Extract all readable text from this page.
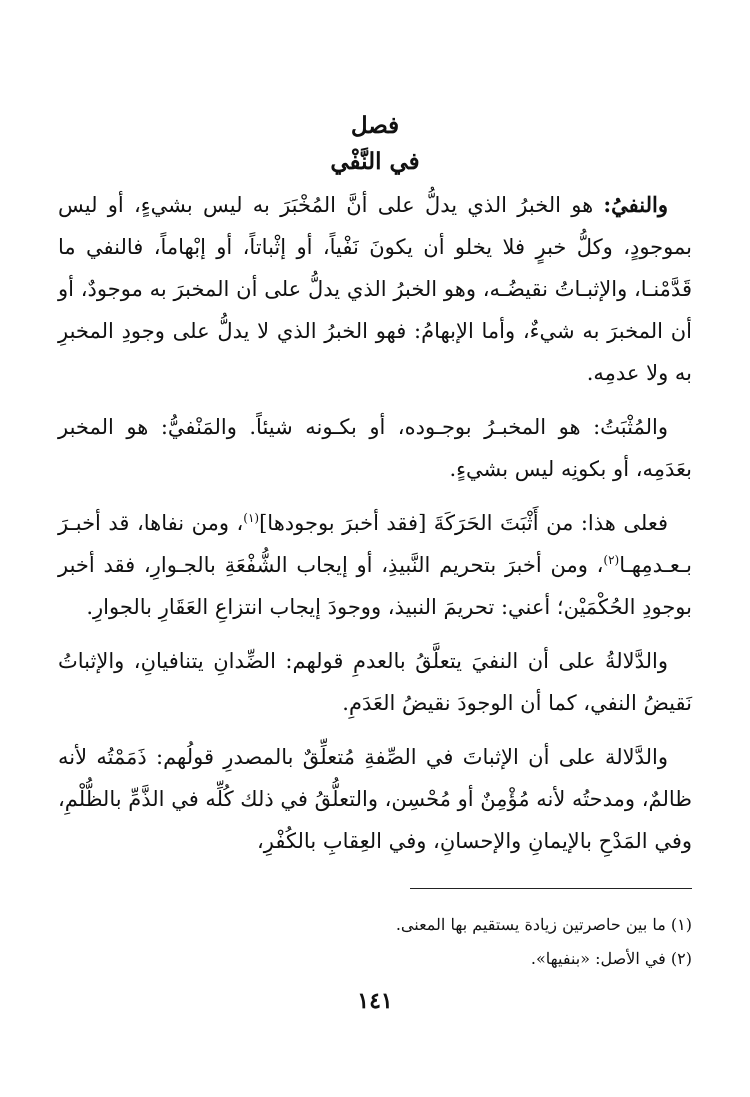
فصل

في النَّفْي

والنفيُ: هو الخبرُ الذي يدلُّ على أنَّ المُخْبَرَ به ليس بشيءٍ، أو ليس بموجودٍ، وكلُّ خبرٍ فلا يخلو أن يكونَ نَفْياً، أو إثْباتاً، أو إبْهاماً، فالنفي ما قَدَّمْنـا، والإثبـاتُ نقيضُـه، وهو الخبرُ الذي يدلُّ على أن المخبرَ به موجودٌ، أو أن المخبرَ به شيءٌ، وأما الإبهامُ: فهو الخبرُ الذي لا يدلُّ على وجودِ المخبرِ به ولا عدمِه.

والمُثْبَتُ: هو المخبـرُ بوجـوده، أو بكـونه شيئاً. والمَنْفيُّ: هو المخبر بعَدَمِه، أو بكونِه ليس بشيءٍ.

فعلى هذا: من أَثْبَتَ الحَرَكَةَ [فقد أخبرَ بوجودها]$^{(١)}$، ومن نفاها، قد أخبـرَ بـعـدمِهـا$^{(٢)}$، ومن أخبرَ بتحريم النَّبيذِ، أو إيجاب الشُّفْعَةِ بالجـوارِ، فقد أخبر بوجودِ الحُكْمَيْن؛ أعني: تحريمَ النبيذ، ووجودَ إيجاب انتزاعِ العَقَارِ بالجوارِ.

والدَّلالةُ على أن النفيَ يتعلَّقُ بالعدمِ قولهم: الضِّدانِ يتنافيانِ، والإثباتُ نَقيضُ النفي، كما أن الوجودَ نقيضُ العَدَمِ.

والدَّلالة على أن الإثباتَ في الصِّفةِ مُتعلِّقٌ بالمصدرِ قولُهم: ذَمَمْتُه لأنه ظالمٌ، ومدحتُه لأنه مُؤْمِنٌ أو مُحْسِن، والتعلُّقُ في ذلك كُلِّه في الذَّمِّ بالظُّلْمِ، وفي المَدْحِ بالإيمانِ والإحسانِ، وفي العِقابِ بالكُفْرِ،

(١) ما بين حاصرتين زيادة يستقيم بها المعنى.
(٢) في الأصل: «بنفيها».
١٤١
